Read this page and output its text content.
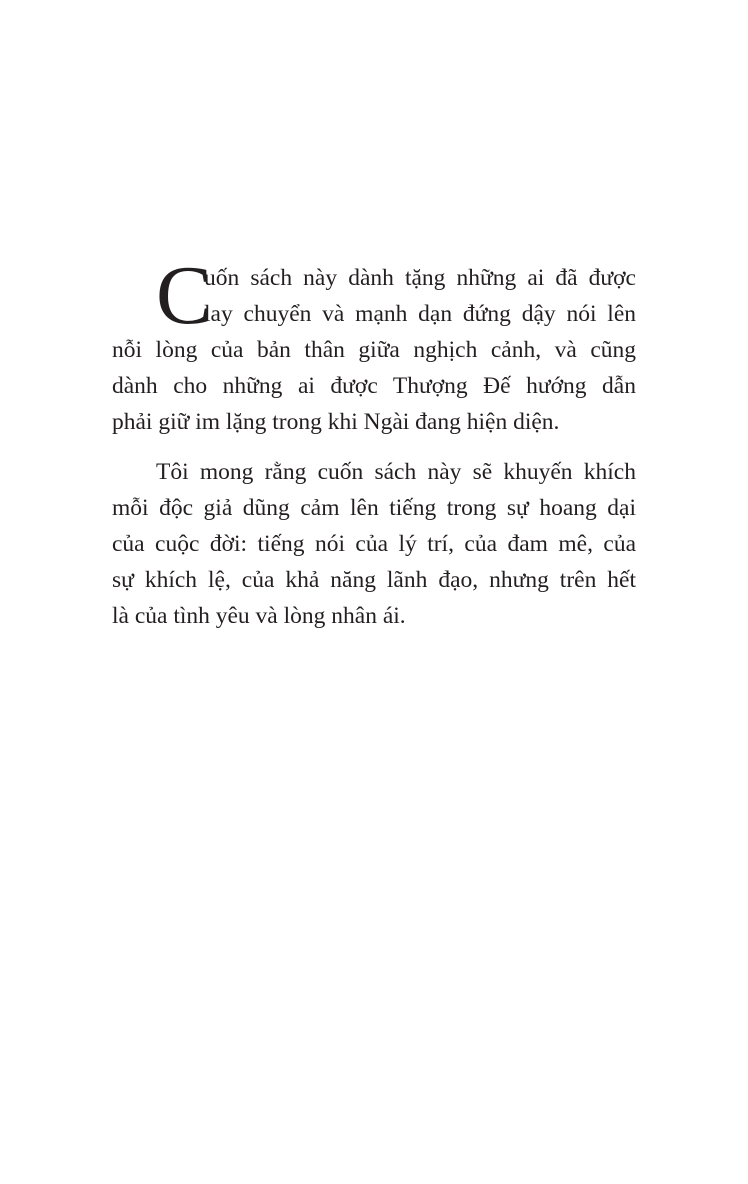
C
uốn sách này dành tặng những ai đã được
lay chuyển và mạnh dạn đứng dậy nói lên
nỗi lòng của bản thân giữa nghịch cảnh, và cũng
dành cho những ai được Thượng Đế hướng dẫn
phải giữ im lặng trong khi Ngài đang hiện diện.
Tôi mong rằng cuốn sách này sẽ khuyến khích
mỗi độc giả dũng cảm lên tiếng trong sự hoang dại
của cuộc đời: tiếng nói của lý trí, của đam mê, của
sự khích lệ, của khả năng lãnh đạo, nhưng trên hết
là của tình yêu và lòng nhân ái.
